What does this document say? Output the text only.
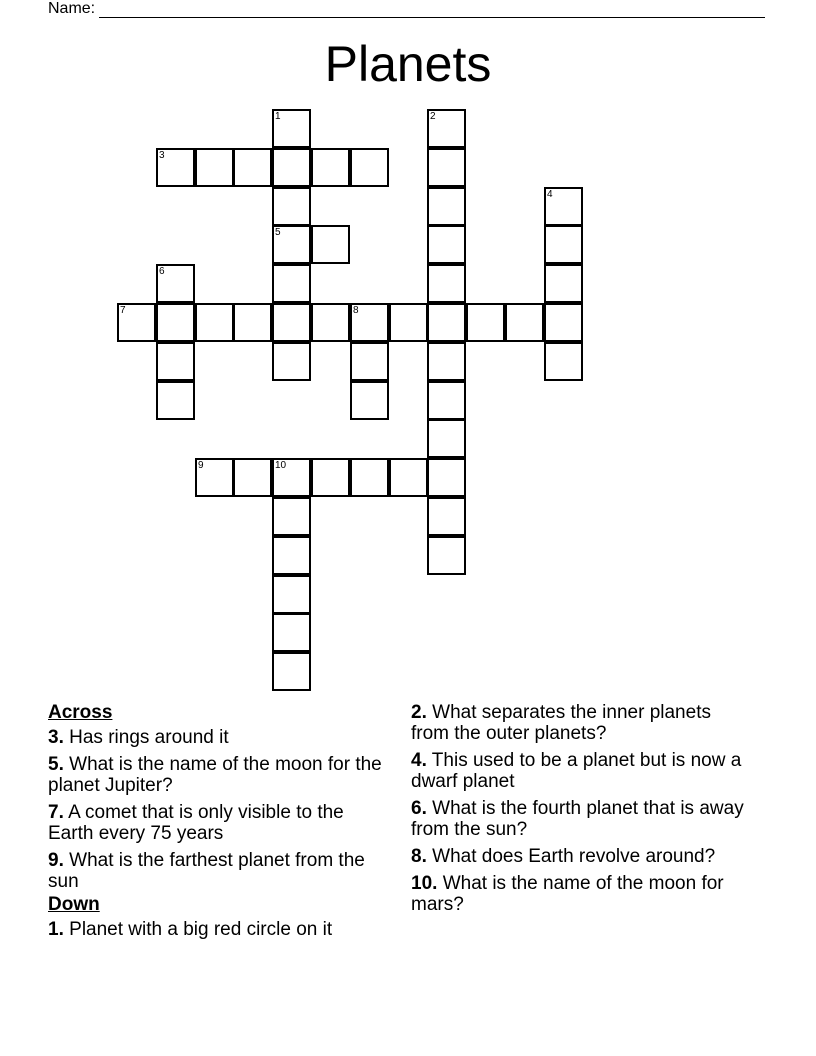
Name:
Planets
1	2
3
4
5
6
7	8
9	10
Across
3. Has rings around it
5. What is the name of the moon for the planet Jupiter?
7. A comet that is only visible to the Earth every 75 years
9. What is the farthest planet from the sun
Down
1. Planet with a big red circle on it
2. What separates the inner planets from the outer planets?
4. This used to be a planet but is now a dwarf planet
6. What is the fourth planet that is away from the sun?
8. What does Earth revolve around?
10. What is the name of the moon for mars?
